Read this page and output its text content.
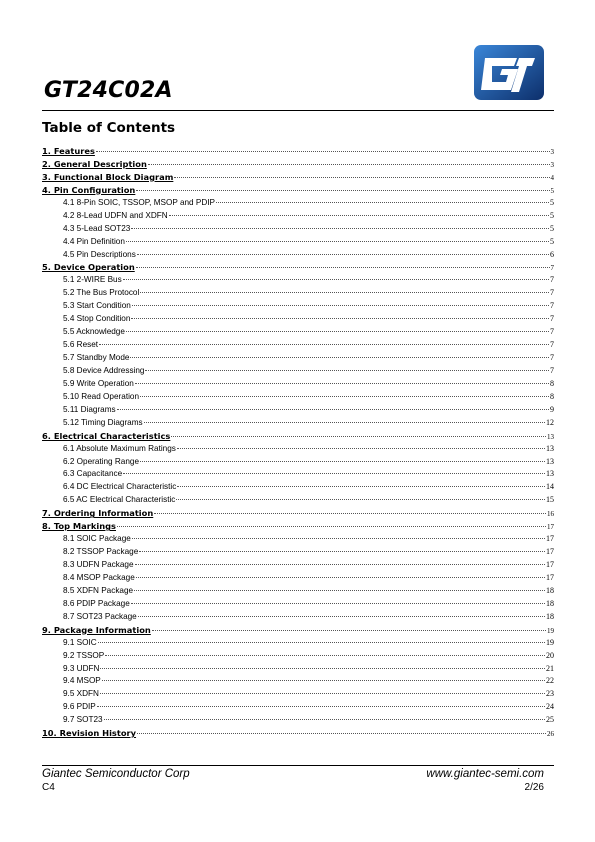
GT24C02A
Table of Contents
1. Features	3
2. General Description	3
3. Functional Block Diagram	4
4. Pin Configuration	5
4.1 8-Pin SOIC, TSSOP, MSOP and PDIP	5
4.2 8-Lead UDFN and XDFN	5
4.3 5-Lead SOT23	5
4.4 Pin Definition	5
4.5 Pin Descriptions	6
5. Device Operation	7
5.1 2-WIRE Bus	7
5.2 The Bus Protocol	7
5.3 Start Condition	7
5.4 Stop Condition	7
5.5 Acknowledge	7
5.6 Reset	7
5.7 Standby Mode	7
5.8 Device Addressing	7
5.9 Write Operation	8
5.10 Read Operation	8
5.11 Diagrams	9
5.12 Timing Diagrams	12
6. Electrical Characteristics	13
6.1 Absolute Maximum Ratings	13
6.2 Operating Range	13
6.3 Capacitance	13
6.4 DC Electrical Characteristic	14
6.5 AC Electrical Characteristic	15
7. Ordering Information	16
8. Top Markings	17
8.1 SOIC Package	17
8.2 TSSOP Package	17
8.3 UDFN Package	17
8.4 MSOP Package	17
8.5 XDFN Package	18
8.6 PDIP Package	18
8.7 SOT23 Package	18
9. Package Information	19
9.1 SOIC	19
9.2 TSSOP	20
9.3 UDFN	21
9.4 MSOP	22
9.5 XDFN	23
9.6 PDIP	24
9.7 SOT23	25
10. Revision History	26
Giantec Semiconductor Corp	www.giantec-semi.com
C4	2/26
